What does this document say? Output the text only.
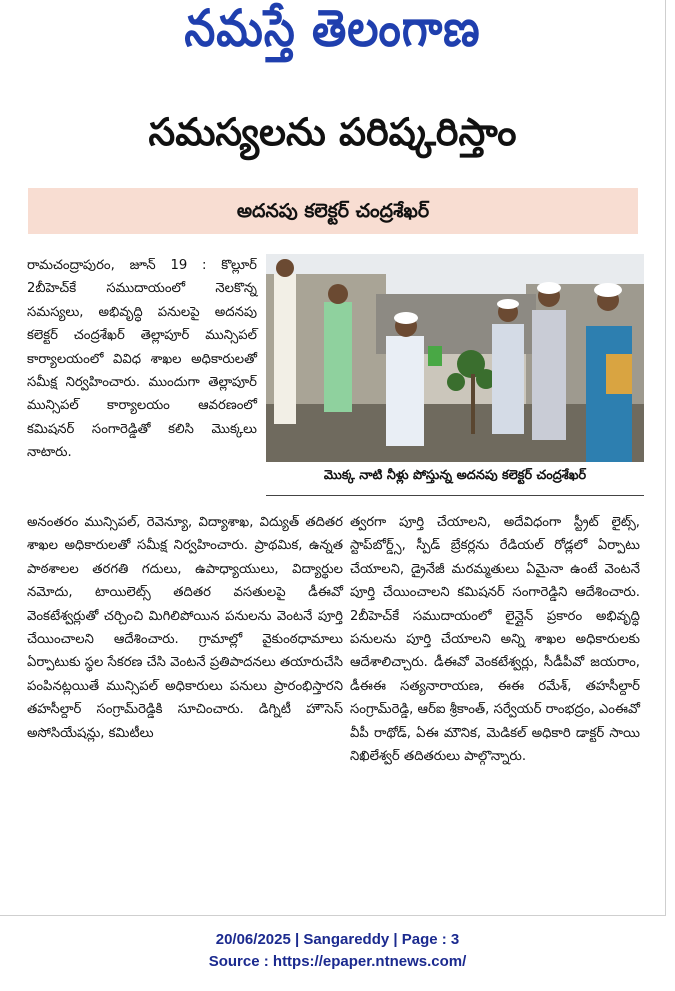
నమస్తే తెలంగాణ
సమస్యలను పరిష్కరిస్తాం
అదనపు కలెక్టర్ చంద్రశేఖర్
రామచంద్రాపురం, జూన్ 19 : కొల్లూర్ 2బీహెచ్‌కే సముదాయంలో నెలకొన్న సమస్యలు, అభివృద్ధి పనులపై అదనపు కలెక్టర్ చంద్రశేఖర్ తెల్లాపూర్ మున్సిపల్ కార్యాలయంలో వివిధ శాఖల అధికారులతో సమీక్ష నిర్వహించారు. ముందుగా తెల్లాపూర్ మున్సిపల్ కార్యాలయం ఆవరణంలో కమిషనర్ సంగారెడ్డితో కలిసి మొక్కలు నాటారు.
మొక్క నాటి నీళ్లు పోస్తున్న అదనపు కలెక్టర్ చంద్రశేఖర్
అనంతరం మున్సిపల్, రెవెన్యూ, విద్యాశాఖ, విద్యుత్ తదితర శాఖల అధికారులతో సమీక్ష నిర్వహించారు. ప్రాథమిక, ఉన్నత పాఠశాలల తరగతి గదులు, ఉపాధ్యాయులు, విద్యార్థుల నమోదు, టాయిలెట్స్ తదితర వసతులపై డీఈవో వెంకటేశ్వర్లుతో చర్చించి మిగిలిపోయిన పనులను వెంటనే పూర్తి చేయించాలని ఆదేశించారు. గ్రామాల్లో వైకుంఠధామాలు ఏర్పాటుకు స్థల సేకరణ చేసి వెంటనే ప్రతిపాదనలు తయారుచేసి పంపినట్లయితే మున్సిపల్ అధికారులు పనులు ప్రారంభిస్తారని తహసీల్దార్ సంగ్రామ్‌రెడ్డికి సూచించారు. డిగ్నిటీ హౌసెస్ అసోసియేషన్లు, కమిటీలు
త్వరగా పూర్తి చేయాలని, అదేవిధంగా స్ట్రీట్ లైట్స్, స్టాప్‌బోర్డ్స్, స్పీడ్ బ్రేకర్లను రేడియల్ రోడ్లలో ఏర్పాటు చేయాలని, డ్రైనేజీ మరమ్మతులు ఏమైనా ఉంటే వెంటనే పూర్తి చేయించాలని కమిషనర్ సంగారెడ్డిని ఆదేశించారు. 2బీహెచ్‌కే సముదాయంలో లైన్లైన్ ప్రకారం అభివృద్ధి పనులను పూర్తి చేయాలని అన్ని శాఖల అధికారులకు ఆదేశాలిచ్చారు. డీఈవో వెంకటేశ్వర్లు, సీడీపీవో జయరాం, డీఈఈ సత్యనారాయణ, ఈఈ రమేశ్, తహసీల్దార్ సంగ్రామ్‌రెడ్డి, ఆర్ఐ శ్రీకాంత్, సర్వేయర్ రాంభద్రం, ఎంఈవో వీపీ రాథోడ్, ఏఈ మౌనిక, మెడికల్ అధికారి డాక్టర్ సాయి నిఖిలేశ్వర్ తదితరులు పాల్గొన్నారు.
20/06/2025 | Sangareddy | Page : 3
Source : https://epaper.ntnews.com/
